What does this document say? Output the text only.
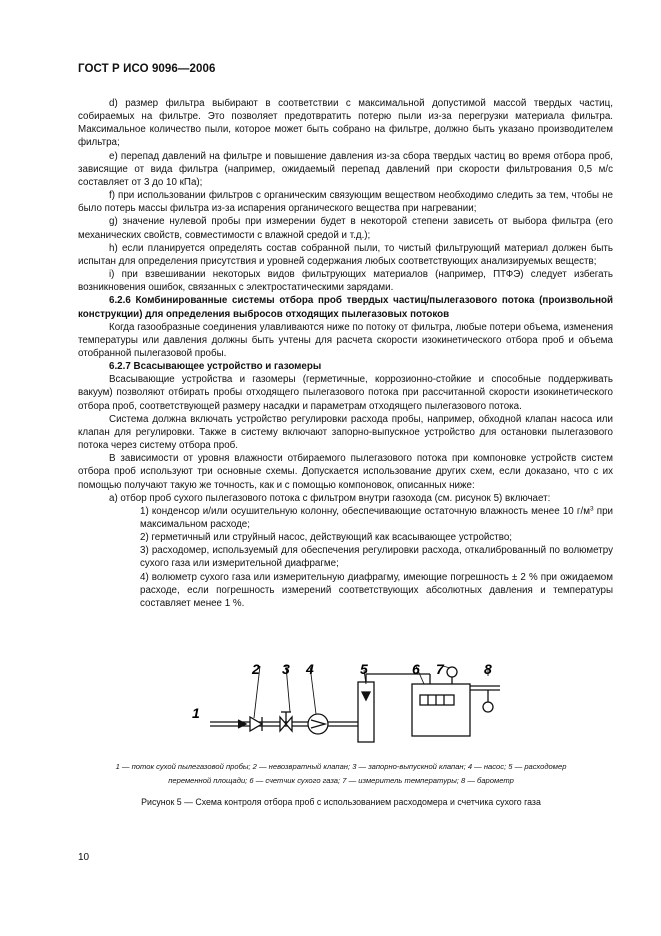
ГОСТ Р ИСО 9096—2006

d) размер фильтра выбирают в соответствии с максимальной допустимой массой твердых частиц, собираемых на фильтре. Это позволяет предотвратить потерю пыли из-за перегрузки материала фильтра. Максимальное количество пыли, которое может быть собрано на фильтре, должно быть указано производителем фильтра;

e) перепад давлений на фильтре и повышение давления из-за сбора твердых частиц во время отбора проб, зависящие от вида фильтра (например, ожидаемый перепад давлений при скорости фильтрования 0,5 м/с составляет от 3 до 10 кПа);

f) при использовании фильтров с органическим связующим веществом необходимо следить за тем, чтобы не было потерь массы фильтра из-за испарения органического вещества при нагревании;

g) значение нулевой пробы при измерении будет в некоторой степени зависеть от выбора фильтра (его механических свойств, совместимости с влажной средой и т.д.);

h) если планируется определять состав собранной пыли, то чистый фильтрующий материал должен быть испытан для определения присутствия и уровней содержания любых соответствующих анализируемых веществ;

i) при взвешивании некоторых видов фильтрующих материалов (например, ПТФЭ) следует избегать возникновения ошибок, связанных с электростатическими зарядами.

6.2.6 Комбинированные системы отбора проб твердых частиц/пылегазового потока (произвольной конструкции) для определения выбросов отходящих пылегазовых потоков

Когда газообразные соединения улавливаются ниже по потоку от фильтра, любые потери объема, изменения температуры или давления должны быть учтены для расчета скорости изокинетического отбора проб и объема отобранной пылегазовой пробы.

6.2.7 Всасывающее устройство и газомеры

Всасывающие устройства и газомеры (герметичные, коррозионно-стойкие и способные поддерживать вакуум) позволяют отбирать пробы отходящего пылегазового потока при рассчитанной скорости изокинетического отбора проб, соответствующей размеру насадки и параметрам отходящего пылегазового потока.

Система должна включать устройство регулировки расхода пробы, например, обходной клапан насоса или клапан для регулировки. Также в систему включают запорно-выпускное устройство для остановки пылегазового потока через систему отбора проб.

В зависимости от уровня влажности отбираемого пылегазового потока при компоновке устройств систем отбора проб используют три основные схемы. Допускается использование других схем, если доказано, что с их помощью получают такую же точность, как и с помощью компоновок, описанных ниже:

a) отбор проб сухого пылегазового потока с фильтром внутри газохода (см. рисунок 5) включает:

1) конденсор и/или осушительную колонну, обеспечивающие остаточную влажность менее 10 $г/м^3$ при максимальном расходе;

2) герметичный или струйный насос, действующий как всасывающее устройство;

3) расходомер, используемый для обеспечения регулировки расхода, откалиброванный по волюметру сухого газа или измерительной диафрагме;

4) волюметр сухого газа или измерительную диафрагму, имеющие погрешность ± 2 % при ожидаемом расходе, если погрешность измерений соответствующих абсолютных давления и температуры составляет менее 1 %.

1
2 3 4	5	6 7	8
1 — поток сухой пылегазовой пробы; 2 — невозвратный клапан; 3 — запорно-выпускной клапан; 4 — насос; 5 — расходомер
переменной площади; 6 — счетчик сухого газа; 7 — измеритель температуры; 8 — барометр
Рисунок 5 — Схема контроля отбора проб с использованием расходомера и счетчика сухого газа
10
